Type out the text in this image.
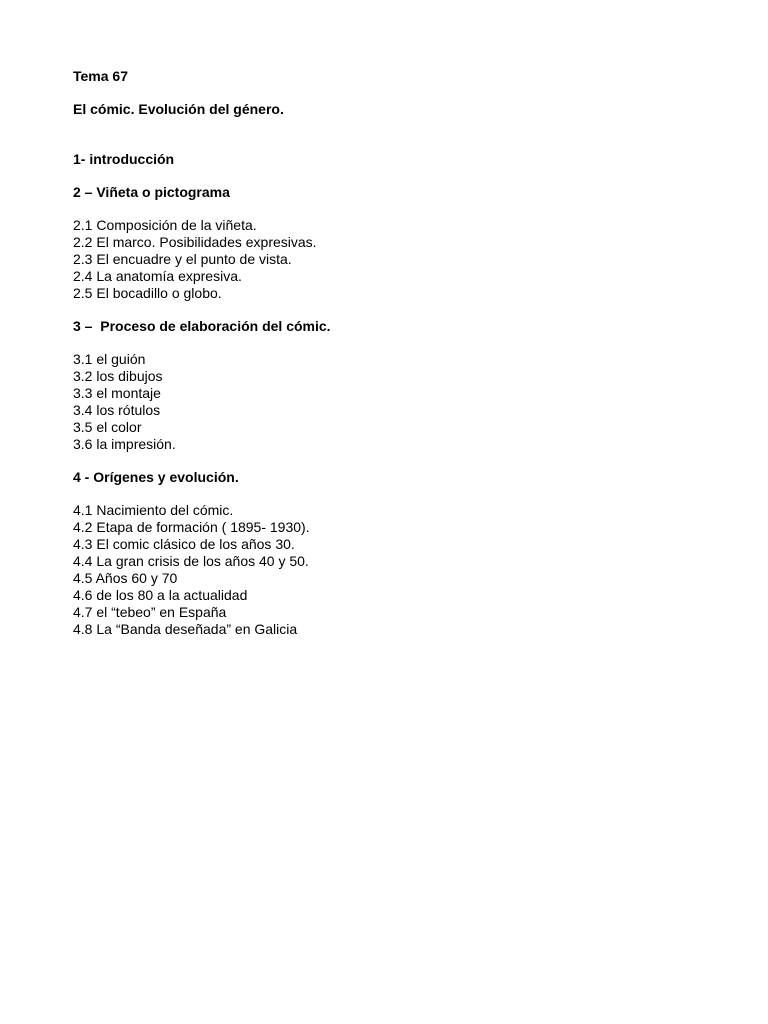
Tema 67
El cómic. Evolución del género.
1- introducción
2 – Viñeta o pictograma
2.1 Composición de la viñeta.
2.2 El marco. Posibilidades expresivas.
2.3 El encuadre y el punto de vista.
2.4 La anatomía expresiva.
2.5 El bocadillo o globo.
3 –  Proceso de elaboración del cómic.
3.1 el guión
3.2 los dibujos
3.3 el montaje
3.4 los rótulos
3.5 el color
3.6 la impresión.
4 - Orígenes y evolución.
4.1 Nacimiento del cómic.
4.2 Etapa de formación ( 1895- 1930).
4.3 El comic clásico de los años 30.
4.4 La gran crisis de los años 40 y 50.
4.5 Años 60 y 70
4.6 de los 80 a la actualidad
4.7 el “tebeo” en España
4.8 La “Banda deseñada” en Galicia
